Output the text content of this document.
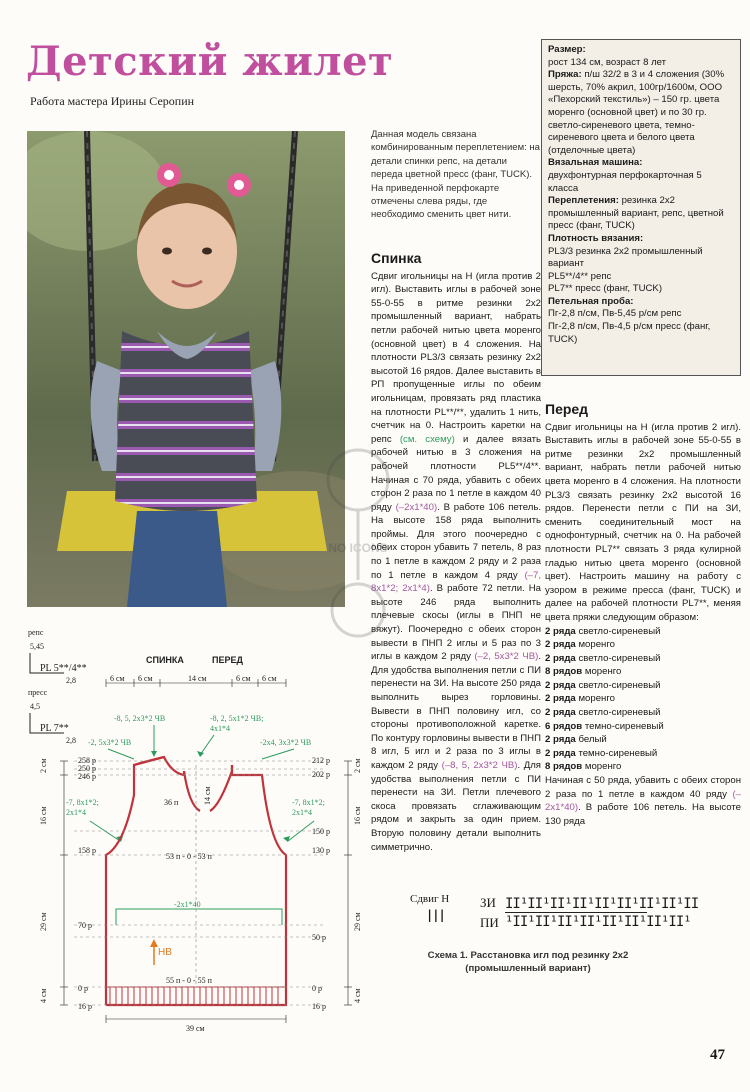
Детский жилет
Работа мастера Ирины Серопин
Данная модель связана комбинированным переплетением: на детали спинки репс, на детали переда цветной пресс (фанг, TUCK). На приведенной перфокарте отмечены слева ряды, где необходимо сменить цвет нити.

Размер:

рост 134 см, возраст 8 лет

Пряжа: п/ш 32/2 в 3 и 4 сложения (30% шерсть, 70% акрил, 100гр/1600м, ООО «Пехорский текстиль») – 150 гр. цвета моренго (основной цвет) и по 30 гр. светло-сиреневого цвета, темно-сиреневого цвета и белого цвета (отделочные цвета)

Вязальная машина:

двухфонтурная перфокарточная 5 класса

Переплетения: резинка 2х2 промышленный вариант, репс, цветной пресс (фанг, TUCK)

Плотность вязания:

PL3/3 резинка 2х2 промышленный вариант

PL5**/4** репс

PL7** пресс (фанг, TUCK)

Петельная проба:

Пг-2,8 п/см, Пв-5,45 р/см репс

Пг-2,8 п/см, Пв-4,5 р/см пресс (фанг, TUCK)

Спинка

Сдвиг игольницы на Н (игла против 2 игл). Выставить иглы в рабочей зоне 55-0-55 в ритме резинки 2х2 промышленный вариант, набрать петли рабочей нитью цвета моренго (основной цвет) в 4 сложения. На плотности PL3/3 связать резинку 2х2 высотой 16 рядов. Далее выставить в РП пропущенные иглы по обеим игольницам, провязать ряд пластика на плотности PL**/**, удалить 1 нить, счетчик на 0. Настроить каретки на репс (см. схему) и далее вязать рабочей нитью в 3 сложения на рабочей плотности PL5**/4**. Начиная с 70 ряда, убавить с обеих сторон 2 раза по 1 петле в каждом 40 ряду (–2х1*40). В работе 106 петель. На высоте 158 ряда выполнить проймы. Для этого поочередно с обеих сторон убавить 7 петель, 8 раз по 1 петле в каждом 2 ряду и 2 раза по 1 петле в каждом 4 ряду (–7, 8х1*2; 2х1*4). В работе 72 петли. На высоте 246 ряда выполнить плечевые скосы (иглы в ПНП не вяжут). Поочередно с обеих сторон вывести в ПНП 2 иглы и 5 раз по 3 иглы в каждом 2 ряду (–2, 5х3*2 ЧВ). Для удобства выполнения петли с ПИ перенести на ЗИ. На высоте 250 ряда выполнить вырез горловины. Вывести в ПНП половину игл, со стороны противоположной каретке. По контуру горловины вывести в ПНП 8 игл, 5 игл и 2 раза по 3 иглы в каждом 2 ряду (–8, 5, 2х3*2 ЧВ). Для удобства выполнения петли с ПИ перенести на ЗИ. Петли плечевого скоса провязать сглаживающим рядом и закрыть за один прием. Вторую половину детали выполнить симметрично.

Перед

Сдвиг игольницы на Н (игла против 2 игл). Выставить иглы в рабочей зоне 55-0-55 в ритме резинки 2х2 промышленный вариант, набрать петли рабочей нитью цвета моренго в 4 сложения. На плотности PL3/3 связать резинку 2х2 высотой 16 рядов. Перенести петли с ПИ на ЗИ, сменить соединительный мост на однофонтурный, счетчик на 0. На рабочей плотности PL7** связать 3 ряда кулирной гладью нитью цвета моренго (основной цвет). Настроить машину на работу с узором в режиме пресса (фанг, TUCK) и далее на рабочей плотности PL7**, меняя цвета пряжи следующим образом:

2 ряда светло-сиреневый
2 ряда моренго
2 ряда светло-сиреневый
8 рядов моренго
2 ряда светло-сиреневый
2 ряда моренго
2 ряда светло-сиреневый
6 рядов темно-сиреневый
2 ряда белый
2 ряда темно-сиреневый
8 рядов моренго

Начиная с 50 ряда, убавить с обеих сторон 2 раза по 1 петле в каждом 40 ряду (–2х1*40). В работе 106 петель. На высоте 130 ряда

NO ICONS
репс
5,45
PL 5**/4**
2,8
пресс
4,5
PL 7**
2,8
СПИНКА	ПЕРЕД
6 см 6 см	14 см	6 см 6 см
-8, 5, 2х3*2 ЧВ
-2, 5х3*2 ЧВ
-8, 2, 5х1*2 ЧВ;
4х1*4
-2х4, 3х3*2 ЧВ
-7, 8х1*2;
2х1*4
-7, 8х1*2;
2х1*4
-2х1*40
258 р
250 р
246 р
212 р
202 р
36 п	14 см
150 р
130 р
158 р
53 п - 0 - 53 п
70 р
50 р
55 п - 0 - 55 п
0 р	0 р
16 р	16 р
НВ
2 см
16 см
29 см
4 см
2 см
16 см
29 см
4 см
39 см
Сдвиг Н
|||
ЗИ
ПИ
II¹II¹II¹II¹II¹II¹II¹II¹II
¹II¹II¹II¹II¹II¹II¹II¹II¹
Схема 1. Расстановка игл под резинку 2х2
(промышленный вариант)
47
